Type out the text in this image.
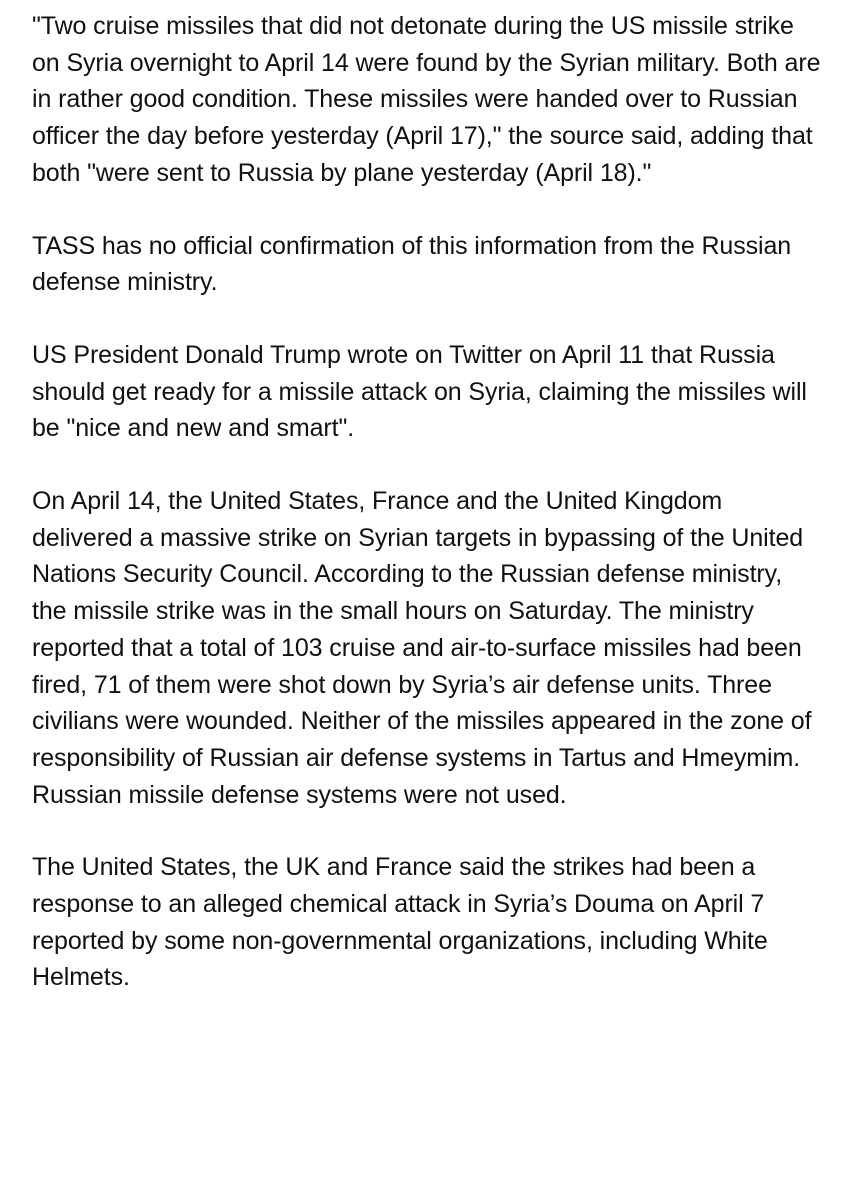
"Two cruise missiles that did not detonate during the US missile strike on Syria overnight to April 14 were found by the Syrian military. Both are in rather good condition. These missiles were handed over to Russian officer the day before yesterday (April 17)," the source said, adding that both "were sent to Russia by plane yesterday (April 18)."

TASS has no official confirmation of this information from the Russian defense ministry.

US President Donald Trump wrote on Twitter on April 11 that Russia should get ready for a missile attack on Syria, claiming the missiles will be "nice and new and smart".

On April 14, the United States, France and the United Kingdom delivered a massive strike on Syrian targets in bypassing of the United Nations Security Council. According to the Russian defense ministry, the missile strike was in the small hours on Saturday. The ministry reported that a total of 103 cruise and air-to-surface missiles had been fired, 71 of them were shot down by Syria’s air defense units. Three civilians were wounded. Neither of the missiles appeared in the zone of responsibility of Russian air defense systems in Tartus and Hmeymim. Russian missile defense systems were not used.

The United States, the UK and France said the strikes had been a response to an alleged chemical attack in Syria’s Douma on April 7 reported by some non-governmental organizations, including White Helmets.
